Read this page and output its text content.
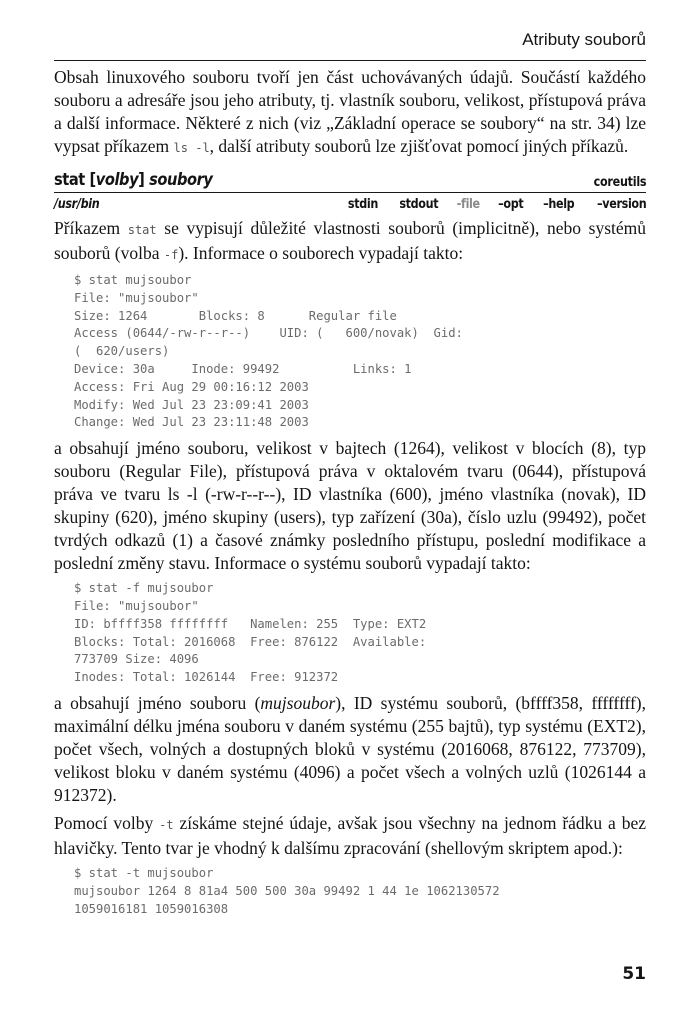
Atributy souborů

Obsah linuxového souboru tvoří jen část uchovávaných údajů. Součástí každého souboru a adresáře jsou jeho atributy, tj. vlastník souboru, velikost, přístupová práva a další informace. Některé z nich (viz „Základní operace se soubory“ na str. 34) lze vypsat příkazem ls -l, další atributy souborů lze zjišťovat pomocí jiných příkazů.

stat [volby] soubory	coreutils
/usr/bin	stdin stdout -file –opt –help –version

Příkazem stat se vypisují důležité vlastnosti souborů (implicitně), nebo systémů souborů (volba -f). Informace o souborech vypadají takto:

$ stat mujsoubor
File: "mujsoubor"
Size: 1264       Blocks: 8      Regular file
Access (0644/-rw-r--r--)    UID: (   600/novak)  Gid:
(  620/users)
Device: 30a     Inode: 99492          Links: 1
Access: Fri Aug 29 00:16:12 2003
Modify: Wed Jul 23 23:09:41 2003
Change: Wed Jul 23 23:11:48 2003

a obsahují jméno souboru, velikost v bajtech (1264), velikost v blocích (8), typ souboru (Regular File), přístupová práva v oktalovém tvaru (0644), přístupová práva ve tvaru ls -l (-rw-r--r--), ID vlastníka (600), jméno vlastníka (novak), ID skupiny (620), jméno skupiny (users), typ zařízení (30a), číslo uzlu (99492), počet tvrdých odkazů (1) a časové známky posledního přístupu, poslední modifikace a poslední změny stavu. Informace o systému souborů vypadají takto:

$ stat -f mujsoubor
File: "mujsoubor"
ID: bffff358 ffffffff   Namelen: 255  Type: EXT2
Blocks: Total: 2016068  Free: 876122  Available:
773709 Size: 4096
Inodes: Total: 1026144  Free: 912372

a obsahují jméno souboru (mujsoubor), ID systému souborů, (bffff358, ffffffff), maximální délku jména souboru v daném systému (255 bajtů), typ systému (EXT2), počet všech, volných a dostupných bloků v systému (2016068, 876122, 773709), velikost bloku v daném systému (4096) a počet všech a volných uzlů (1026144 a 912372).

Pomocí volby -t získáme stejné údaje, avšak jsou všechny na jednom řádku a bez hlavičky. Tento tvar je vhodný k dalšímu zpracování (shellovým skriptem apod.):

$ stat -t mujsoubor
mujsoubor 1264 8 81a4 500 500 30a 99492 1 44 1e 1062130572
1059016181 1059016308
51
